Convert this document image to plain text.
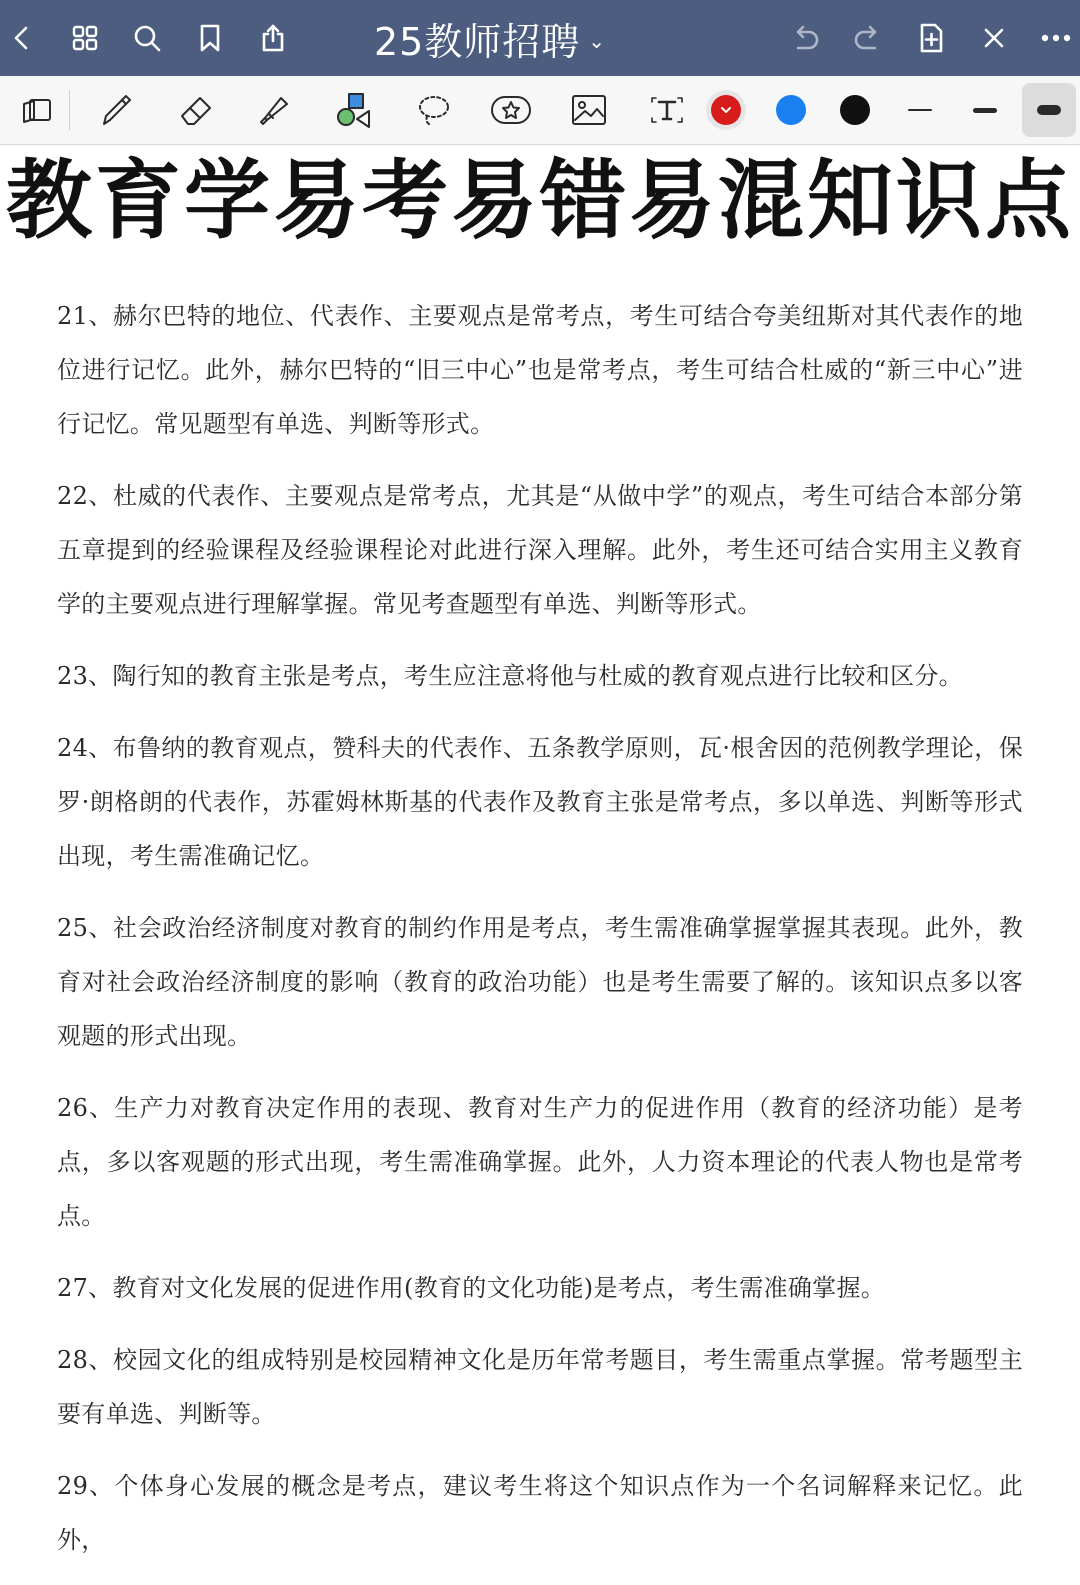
25教师招聘 ⌄
教育学易考易错易混知识点

21、赫尔巴特的地位、代表作、主要观点是常考点，考生可结合夸美纽斯对其代表作的地位进行记忆。此外，赫尔巴特的“旧三中心”也是常考点，考生可结合杜威的“新三中心”进行记忆。常见题型有单选、判断等形式。

22、杜威的代表作、主要观点是常考点，尤其是“从做中学”的观点，考生可结合本部分第五章提到的经验课程及经验课程论对此进行深入理解。此外，考生还可结合实用主义教育学的主要观点进行理解掌握。常见考查题型有单选、判断等形式。

23、陶行知的教育主张是考点，考生应注意将他与杜威的教育观点进行比较和区分。

24、布鲁纳的教育观点，赞科夫的代表作、五条教学原则，瓦·根舍因的范例教学理论，保罗·朗格朗的代表作，苏霍姆林斯基的代表作及教育主张是常考点，多以单选、判断等形式出现，考生需准确记忆。

25、社会政治经济制度对教育的制约作用是考点，考生需准确掌握掌握其表现。此外，教育对社会政治经济制度的影响（教育的政治功能）也是考生需要了解的。该知识点多以客观题的形式出现。

26、生产力对教育决定作用的表现、教育对生产力的促进作用（教育的经济功能）是考点，多以客观题的形式出现，考生需准确掌握。此外，人力资本理论的代表人物也是常考点。

27、教育对文化发展的促进作用(教育的文化功能)是考点，考生需准确掌握。

28、校园文化的组成特别是校园精神文化是历年常考题目，考生需重点掌握。常考题型主要有单选、判断等。

29、个体身心发展的概念是考点，建议考生将这个知识点作为一个名词解释来记忆。此外，
